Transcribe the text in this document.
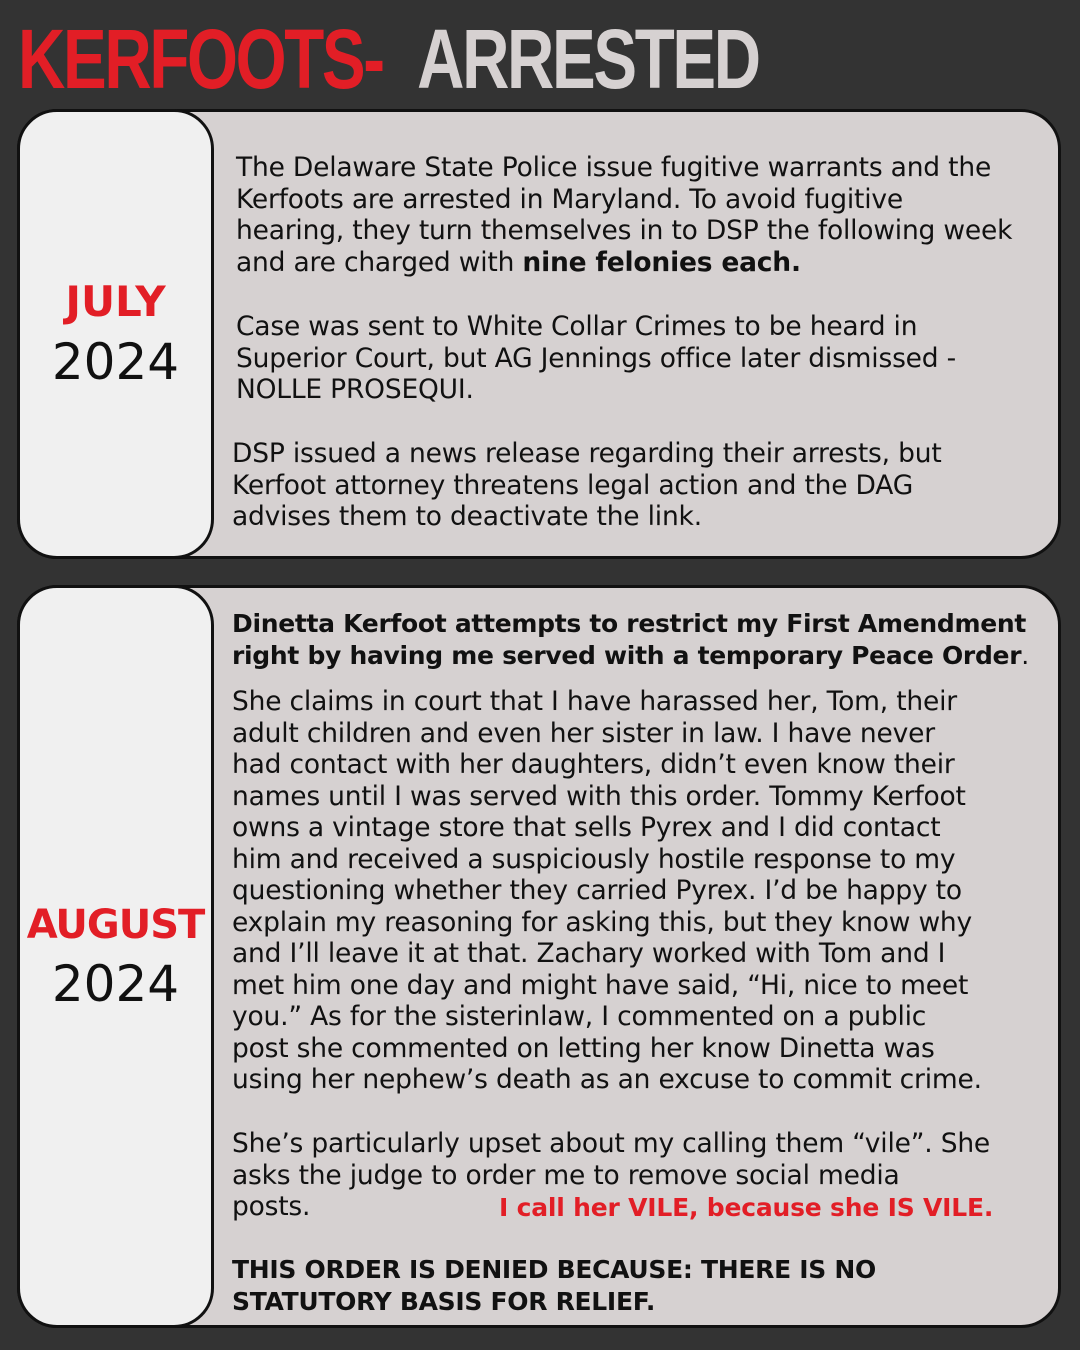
KERFOOTS- ARRESTED
JULY
2024

The Delaware State Police issue fugitive warrants and the
Kerfoots are arrested in Maryland. To avoid fugitive
hearing, they turn themselves in to DSP the following week
and are charged with nine felonies each.

Case was sent to White Collar Crimes to be heard in
Superior Court, but AG Jennings office later dismissed -
NOLLE PROSEQUI.

DSP issued a news release regarding their arrests, but
Kerfoot attorney threatens legal action and the DAG
advises them to deactivate the link.

AUGUST
2024

Dinetta Kerfoot attempts to restrict my First Amendment
right by having me served with a temporary Peace Order.

She claims in court that I have harassed her, Tom, their
adult children and even her sister in law. I have never
had contact with her daughters, didn’t even know their
names until I was served with this order. Tommy Kerfoot
owns a vintage store that sells Pyrex and I did contact
him and received a suspiciously hostile response to my
questioning whether they carried Pyrex. I’d be happy to
explain my reasoning for asking this, but they know why
and I’ll leave it at that. Zachary worked with Tom and I
met him one day and might have said, “Hi, nice to meet
you.” As for the sisterinlaw, I commented on a public
post she commented on letting her know Dinetta was
using her nephew’s death as an excuse to commit crime.

She’s particularly upset about my calling them “vile”. She
asks the judge to order me to remove social media
posts.	I call her VILE, because she IS VILE.

THIS ORDER IS DENIED BECAUSE: THERE IS NO
STATUTORY BASIS FOR RELIEF.
